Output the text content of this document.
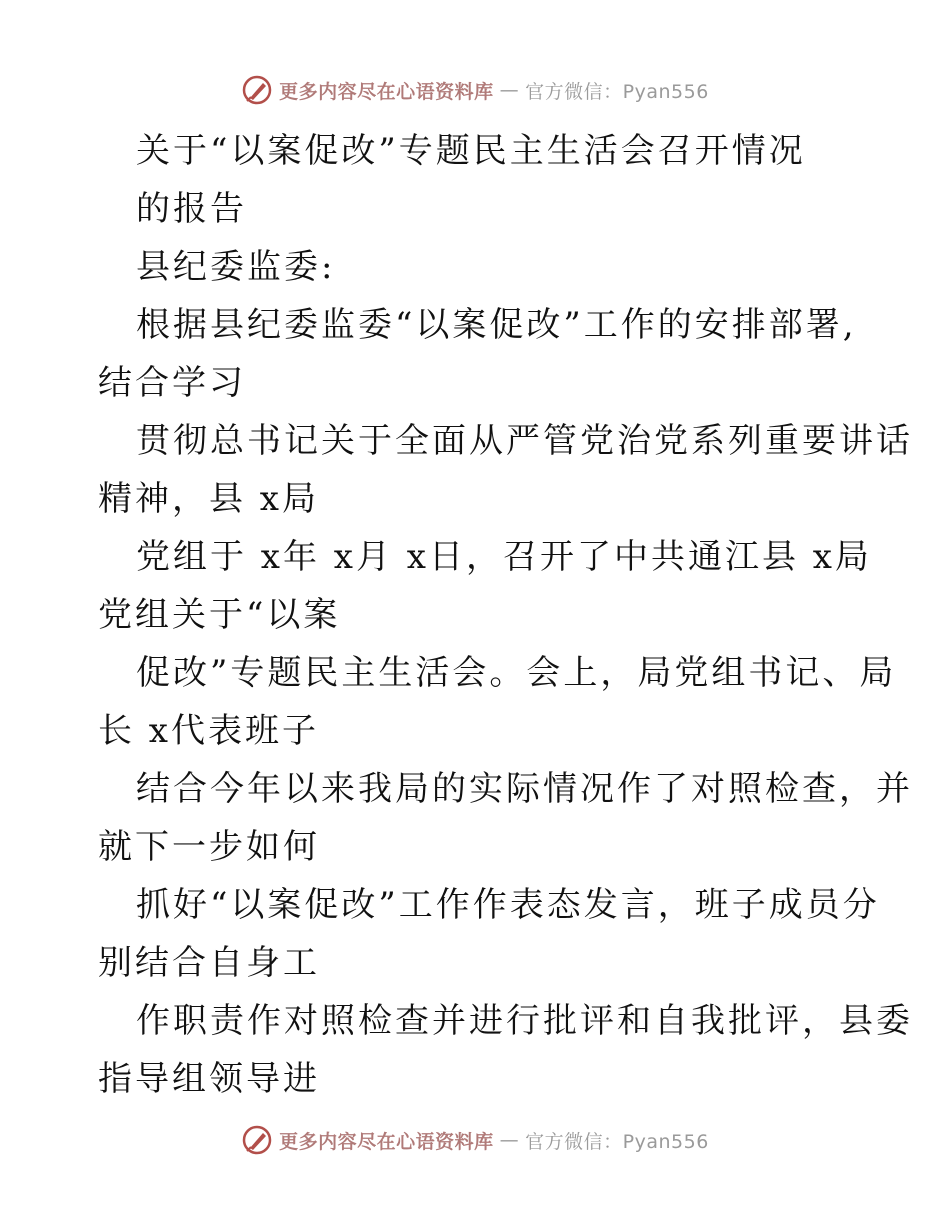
更多内容尽在心语资料库 — 官方微信：Pyan556
关于“以案促改”专题民主生活会召开情况
的报告
县纪委监委:
根据县纪委监委“以案促改”工作的安排部署,
结合学习
贯彻总书记关于全面从严管党治党系列重要讲话
精神，县 x局
党组于 x年 x月 x日，召开了中共通江县 x局
党组关于“以案
促改”专题民主生活会。会上，局党组书记、局
长 x代表班子
结合今年以来我局的实际情况作了对照检查，并
就下一步如何
抓好“以案促改”工作作表态发言，班子成员分
别结合自身工
作职责作对照检查并进行批评和自我批评，县委
指导组领导进
更多内容尽在心语资料库 — 官方微信：Pyan556
